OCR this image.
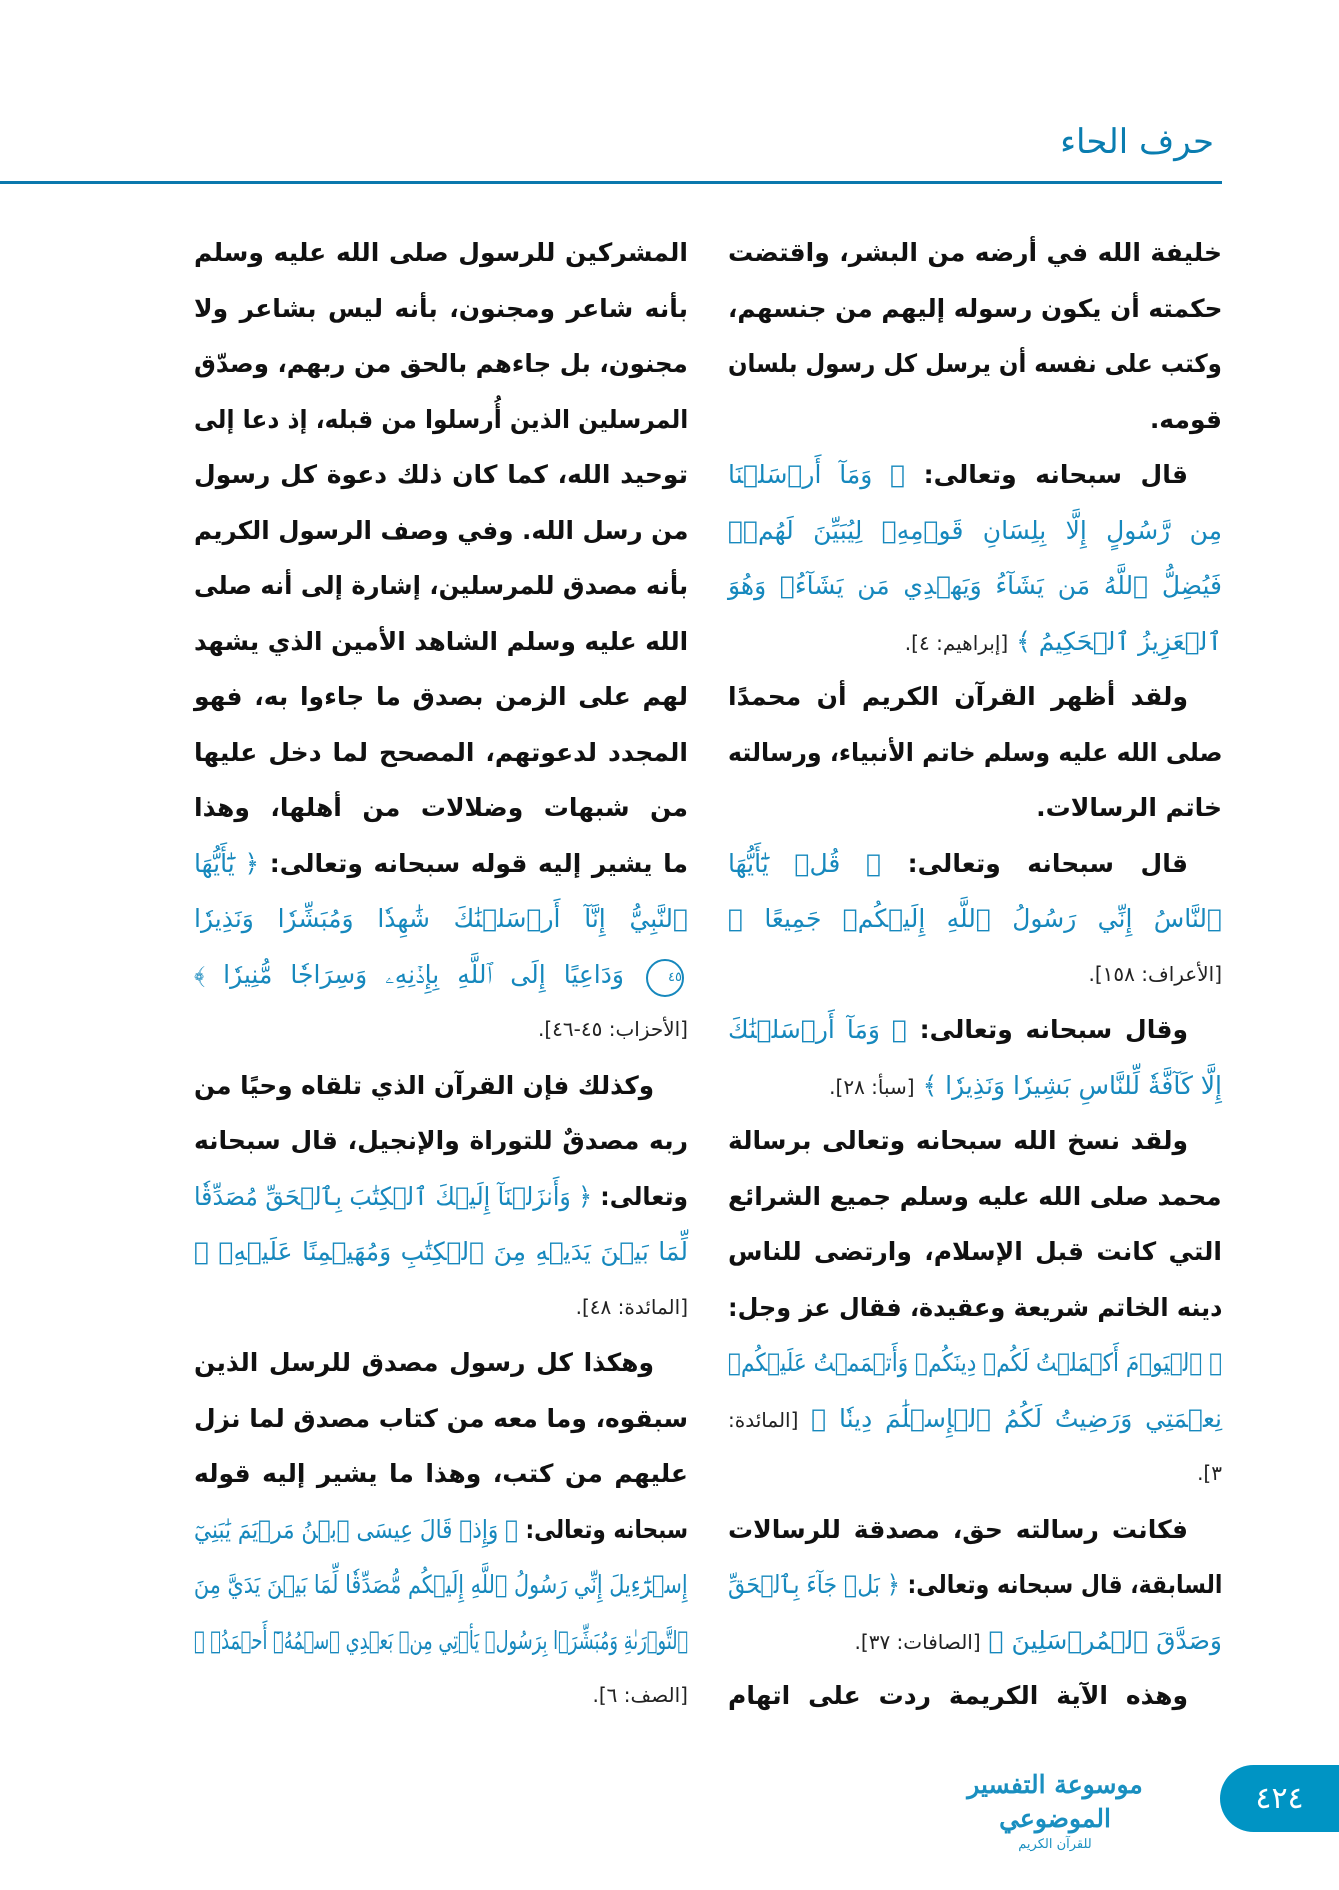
حرف الحاء
خليفة الله في أرضه من البشر، واقتضت
حكمته أن يكون رسوله إليهم من جنسهم،
وكتب على نفسه أن يرسل كل رسول بلسان
قومه.
قال سبحانه وتعالى: ﴿ وَمَآ أَرۡسَلۡنَا
مِن رَّسُولٍ إِلَّا بِلِسَانِ قَوۡمِهِۦ لِيُبَيِّنَ لَهُمۡۖ
فَيُضِلُّ ٱللَّهُ مَن يَشَآءُ وَيَهۡدِي مَن يَشَآءُۚ وَهُوَ
ٱلۡعَزِيزُ ٱلۡحَكِيمُ ﴾ [إبراهيم: ٤].
ولقد أظهر القرآن الكريم أن محمدًا
صلى الله عليه وسلم خاتم الأنبياء، ورسالته
خاتم الرسالات.
قال سبحانه وتعالى: ﴿ قُلۡ يَٰٓأَيُّهَا
ٱلنَّاسُ إِنِّي رَسُولُ ٱللَّهِ إِلَيۡكُمۡ جَمِيعًا ﴾
[الأعراف: ١٥٨].
وقال سبحانه وتعالى: ﴿ وَمَآ أَرۡسَلۡنَٰكَ
إِلَّا كَآفَّةٗ لِّلنَّاسِ بَشِيرٗا وَنَذِيرٗا ﴾ [سبأ: ٢٨].
ولقد نسخ الله سبحانه وتعالى برسالة
محمد صلى الله عليه وسلم جميع الشرائع
التي كانت قبل الإسلام، وارتضى للناس
دينه الخاتم شريعة وعقيدة، فقال عز وجل:
﴿ ٱلۡيَوۡمَ أَكۡمَلۡتُ لَكُمۡ دِينَكُمۡ وَأَتۡمَمۡتُ عَلَيۡكُمۡ
نِعۡمَتِي وَرَضِيتُ لَكُمُ ٱلۡإِسۡلَٰمَ دِينٗا ﴾ [المائدة:
٣].
فكانت رسالته حق، مصدقة للرسالات
السابقة، قال سبحانه وتعالى: ﴿ بَلۡ جَآءَ بِٱلۡحَقِّ
وَصَدَّقَ ٱلۡمُرۡسَلِينَ ﴾ [الصافات: ٣٧].
وهذه الآية الكريمة ردت على اتهام
المشركين للرسول صلى الله عليه وسلم
بأنه شاعر ومجنون، بأنه ليس بشاعر ولا
مجنون، بل جاءهم بالحق من ربهم، وصدّق
المرسلين الذين أُرسلوا من قبله، إذ دعا إلى
توحيد الله، كما كان ذلك دعوة كل رسول
من رسل الله. وفي وصف الرسول الكريم
بأنه مصدق للمرسلين، إشارة إلى أنه صلى
الله عليه وسلم الشاهد الأمين الذي يشهد
لهم على الزمن بصدق ما جاءوا به، فهو
المجدد لدعوتهم، المصحح لما دخل عليها
من شبهات وضلالات من أهلها، وهذا
ما يشير إليه قوله سبحانه وتعالى: ﴿ يَٰٓأَيُّهَا
ٱلنَّبِيُّ إِنَّآ أَرۡسَلۡنَٰكَ شَٰهِدٗا وَمُبَشِّرٗا وَنَذِيرٗا
٤٥ وَدَاعِيًا إِلَى ٱللَّهِ بِإِذۡنِهِۦ وَسِرَاجٗا مُّنِيرٗا ﴾
[الأحزاب: ٤٥-٤٦].
وكذلك فإن القرآن الذي تلقاه وحيًا من
ربه مصدقٌ للتوراة والإنجيل، قال سبحانه
وتعالى: ﴿ وَأَنزَلۡنَآ إِلَيۡكَ ٱلۡكِتَٰبَ بِٱلۡحَقِّ مُصَدِّقٗا
لِّمَا بَيۡنَ يَدَيۡهِ مِنَ ٱلۡكِتَٰبِ وَمُهَيۡمِنًا عَلَيۡهِۖ ﴾
[المائدة: ٤٨].
وهكذا كل رسول مصدق للرسل الذين
سبقوه، وما معه من كتاب مصدق لما نزل
عليهم من كتب، وهذا ما يشير إليه قوله
سبحانه وتعالى: ﴿ وَإِذۡ قَالَ عِيسَى ٱبۡنُ مَرۡيَمَ يَٰبَنِيٓ
إِسۡرَٰٓءِيلَ إِنِّي رَسُولُ ٱللَّهِ إِلَيۡكُم مُّصَدِّقٗا لِّمَا بَيۡنَ يَدَيَّ مِنَ
ٱلتَّوۡرَىٰةِ وَمُبَشِّرَۢا بِرَسُولٖ يَأۡتِي مِنۢ بَعۡدِي ٱسۡمُهُۥٓ أَحۡمَدُۖ ﴾
[الصف: ٦].
موسوعة التفسير الموضوعي
للقرآن الكريم
٤٢٤
